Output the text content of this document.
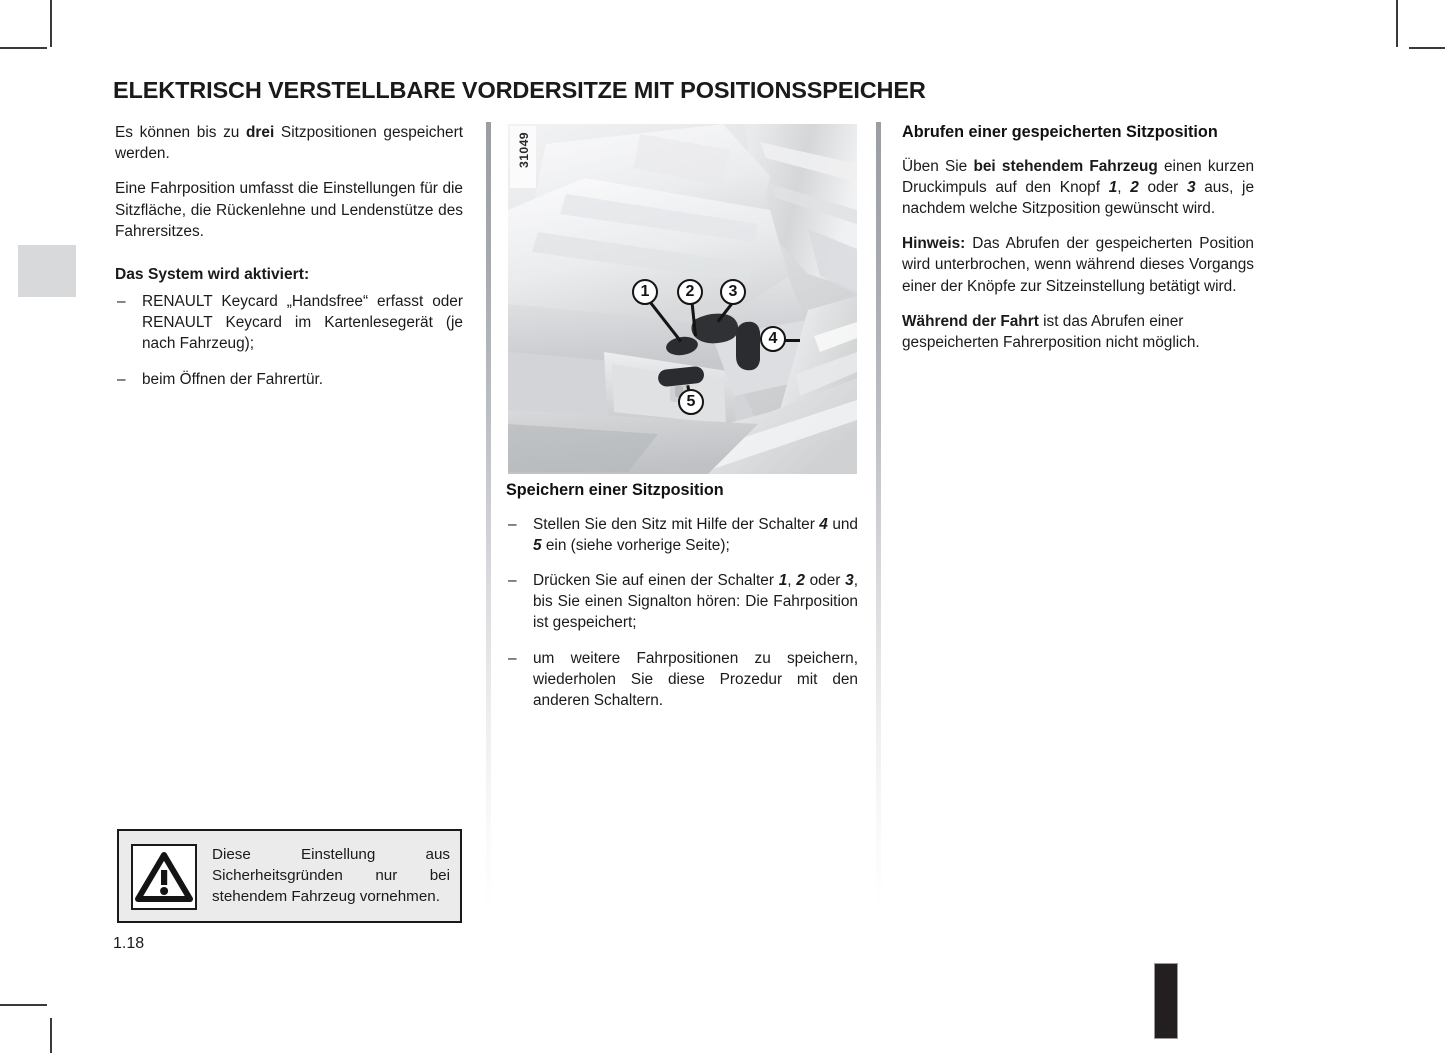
ELEKTRISCH VERSTELLBARE VORDERSITZE MIT POSITIONSSPEICHER

Es können bis zu drei Sitzpositionen gespeichert werden.

Eine Fahrposition umfasst die Einstellungen für die Sitzfläche, die Rückenlehne und Lendenstütze des Fahrersitzes.

Das System wird aktiviert:
– RENAULT Keycard „Handsfree“ erfasst oder RENAULT Keycard im Kartenlesegerät (je nach Fahrzeug);
– beim Öffnen der Fahrertür.
31049
1	2	3
4
5
Speichern einer Sitzposition
– Stellen Sie den Sitz mit Hilfe der Schalter 4 und 5 ein (siehe vorherige Seite);
– Drücken Sie auf einen der Schalter 1, 2 oder 3, bis Sie einen Signalton hören: Die Fahrposition ist gespeichert;
– um weitere Fahrpositionen zu speichern, wiederholen Sie diese Prozedur mit den anderen Schaltern.
Abrufen einer gespeicherten Sitzposition

Üben Sie bei stehendem Fahrzeug einen kurzen Druckimpuls auf den Knopf 1, 2 oder 3 aus, je nachdem welche Sitzposition gewünscht wird.

Hinweis: Das Abrufen der gespeicherten Position wird unterbrochen, wenn während dieses Vorgangs einer der Knöpfe zur Sitzeinstellung betätigt wird.

Während der Fahrt ist das Abrufen einer gespeicherten Fahrerposition nicht möglich.

Diese Einstellung aus Sicherheitsgründen nur bei stehendem Fahrzeug vornehmen.
1.18
